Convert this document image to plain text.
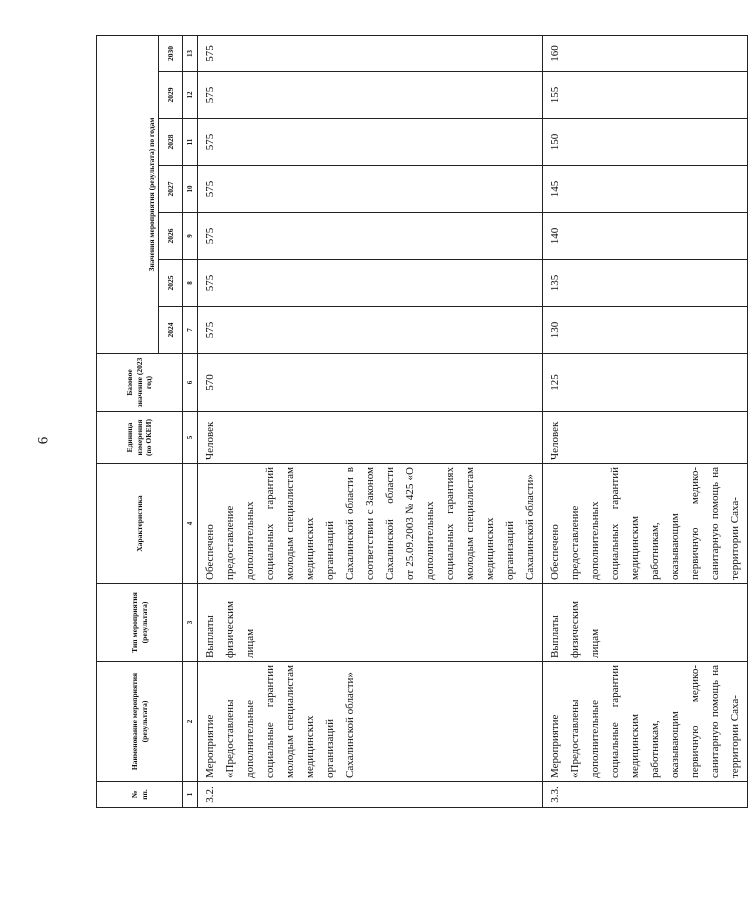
6
№ пп.	Наименование мероприятия (результата)	Тип мероприятия (результата)	Характеристика	Единица измерения (по ОКЕИ)	Базовое значение (2023 год)	Значения мероприятия (результата) по годам						
						2024	2025	2026	2027	2028	2029	2030
1	2	3	4	5	6	7	8	9	10	11	12	13
3.2.	Мероприятие «Предоставлены дополнительные социальные гарантии молодым специалистам медицинских организаций Сахалинской области»	Выплаты физическим лицам	Обеспечено предоставление дополнительных социальных гарантий молодым специалистам медицинских организаций Сахалинской области в соответствии с Законом Сахалинской области от 25.09.2003 № 425 «О дополнительных социальных гарантиях молодым специалистам медицинских организаций Сахалинской области»	Человек	570	575	575	575	575	575	575	575
3.3.	Мероприятие «Предоставлены дополнительные социальные гарантии медицинским работникам, оказывающим первичную медико-санитарную помощь на территории Саха-	Выплаты физическим лицам	Обеспечено предоставление дополнительных социальных гарантий медицинским работникам, оказывающим первичную медико-санитарную помощь на территории Саха-	Человек	125	130	135	140	145	150	155	160
